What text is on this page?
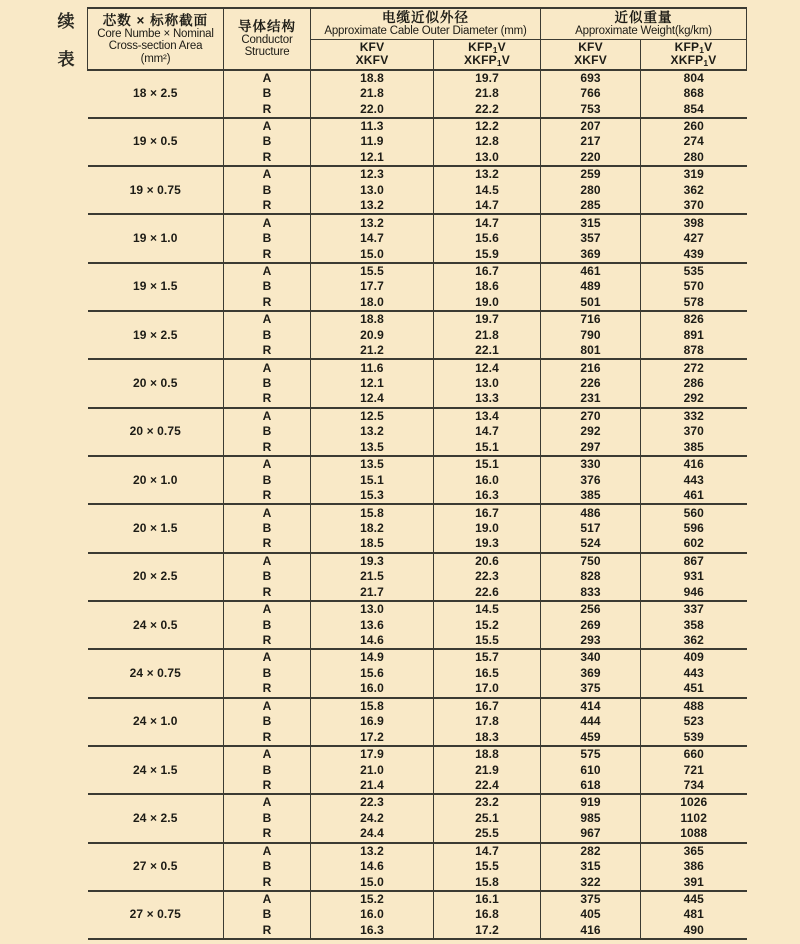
续
表
芯数 × 标称截面
Core Numbe × Nominal
Cross-section Area
(mm²)

导体结构
Conductor
Structure

电缆近似外径
Approximate Cable Outer Diameter (mm)

近似重量
Approximate Weight(kg/km)

KFV
XKFV

$KFP_1V$
$XKFP_1V$

KFV
XKFV

$KFP_1V$
$XKFP_1V$

18 × 2.5	A	18.8	19.7	693	804
	B	21.8	21.8	766	868
	R	22.0	22.2	753	854
19 × 0.5	A	11.3	12.2	207	260
	B	11.9	12.8	217	274
	R	12.1	13.0	220	280
19 × 0.75	A	12.3	13.2	259	319
	B	13.0	14.5	280	362
	R	13.2	14.7	285	370
19 × 1.0	A	13.2	14.7	315	398
	B	14.7	15.6	357	427
	R	15.0	15.9	369	439
19 × 1.5	A	15.5	16.7	461	535
	B	17.7	18.6	489	570
	R	18.0	19.0	501	578
19 × 2.5	A	18.8	19.7	716	826
	B	20.9	21.8	790	891
	R	21.2	22.1	801	878
20 × 0.5	A	11.6	12.4	216	272
	B	12.1	13.0	226	286
	R	12.4	13.3	231	292
20 × 0.75	A	12.5	13.4	270	332
	B	13.2	14.7	292	370
	R	13.5	15.1	297	385
20 × 1.0	A	13.5	15.1	330	416
	B	15.1	16.0	376	443
	R	15.3	16.3	385	461
20 × 1.5	A	15.8	16.7	486	560
	B	18.2	19.0	517	596
	R	18.5	19.3	524	602
20 × 2.5	A	19.3	20.6	750	867
	B	21.5	22.3	828	931
	R	21.7	22.6	833	946
24 × 0.5	A	13.0	14.5	256	337
	B	13.6	15.2	269	358
	R	14.6	15.5	293	362
24 × 0.75	A	14.9	15.7	340	409
	B	15.6	16.5	369	443
	R	16.0	17.0	375	451
24 × 1.0	A	15.8	16.7	414	488
	B	16.9	17.8	444	523
	R	17.2	18.3	459	539
24 × 1.5	A	17.9	18.8	575	660
	B	21.0	21.9	610	721
	R	21.4	22.4	618	734
24 × 2.5	A	22.3	23.2	919	1026
	B	24.2	25.1	985	1102
	R	24.4	25.5	967	1088
27 × 0.5	A	13.2	14.7	282	365
	B	14.6	15.5	315	386
	R	15.0	15.8	322	391
27 × 0.75	A	15.2	16.1	375	445
	B	16.0	16.8	405	481
	R	16.3	17.2	416	490
